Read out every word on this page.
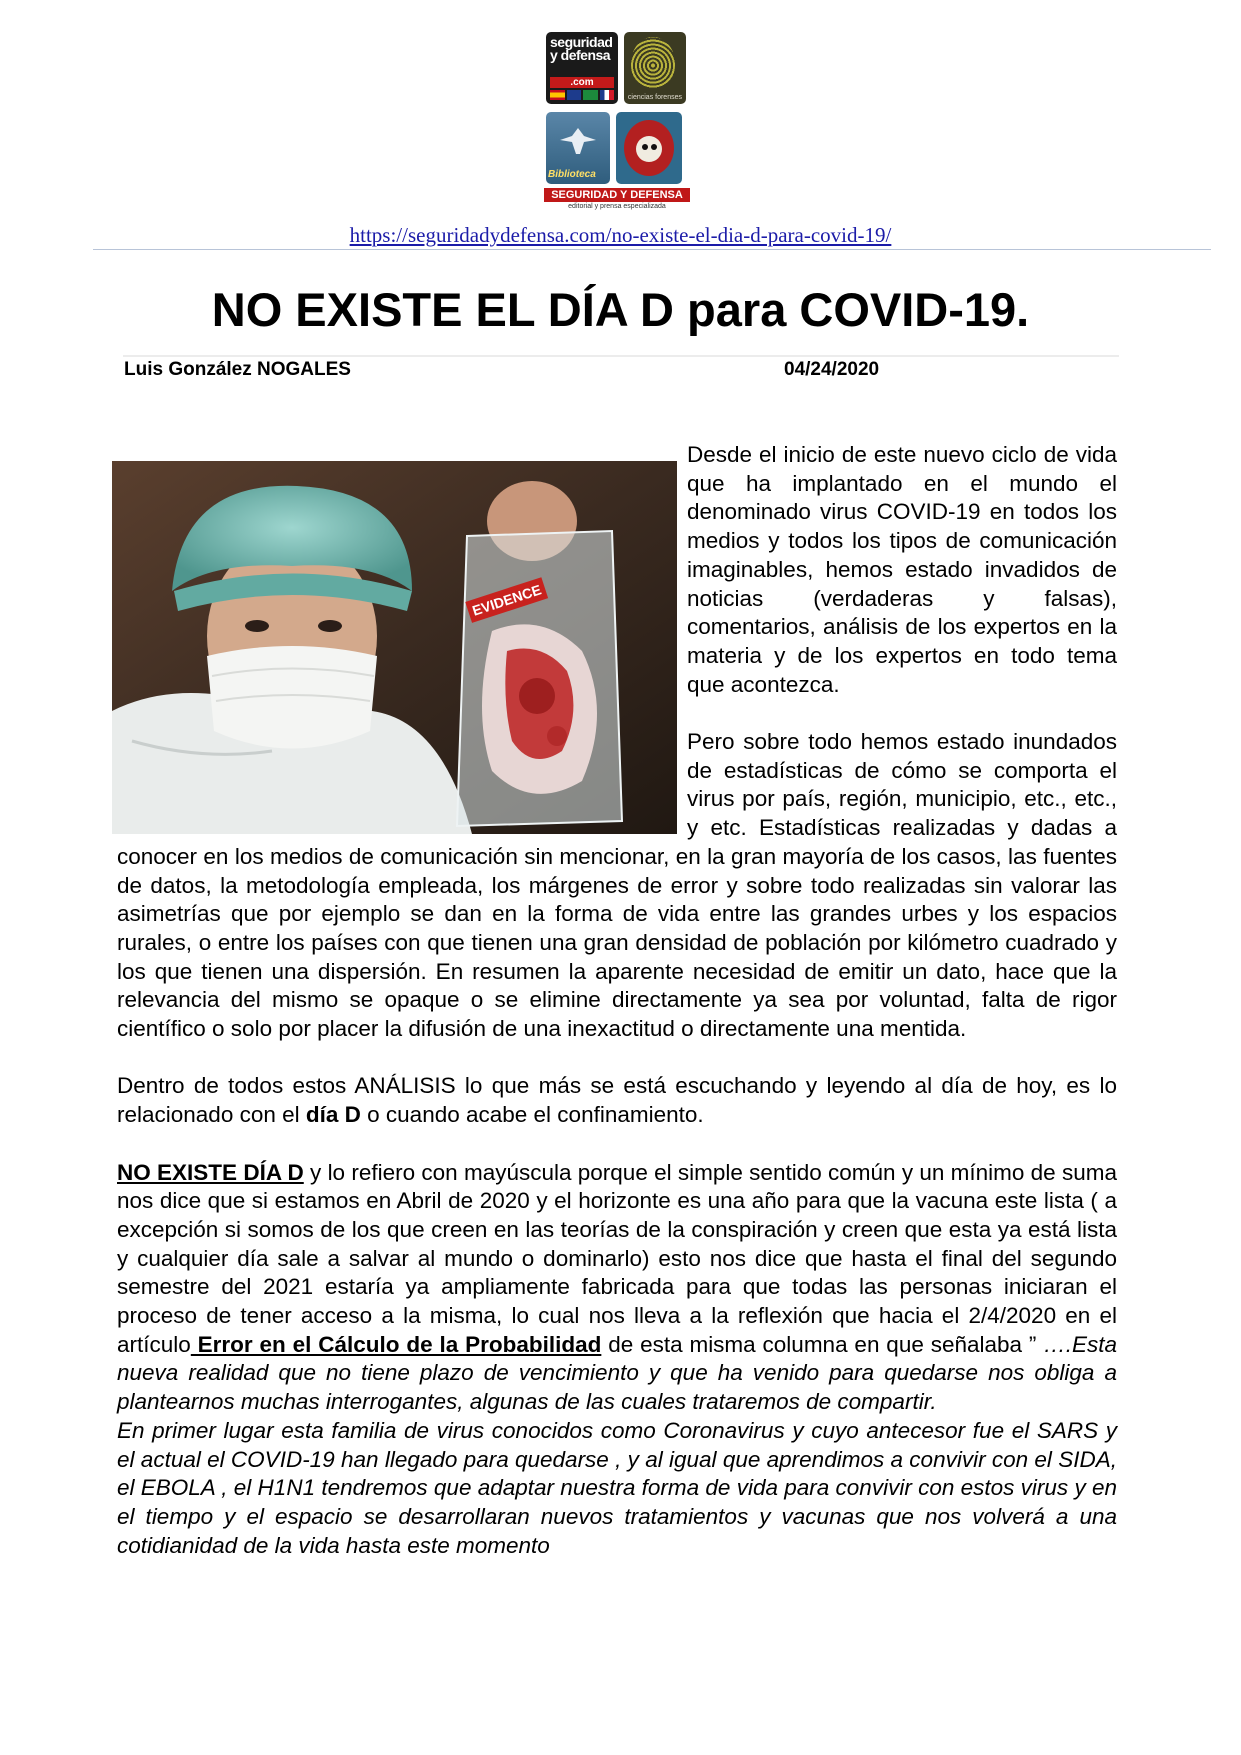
seguridad
y defensa
.com
ciencias forenses
Biblioteca
SEGURIDAD Y DEFENSA
editorial y prensa especializada
https://seguridadydefensa.com/no-existe-el-dia-d-para-covid-19/
NO EXISTE EL DÍA D para COVID-19.
Luis González NOGALES	04/24/2020
EVIDENCE

Desde el inicio de este nuevo ciclo de vida que ha implantado en el mundo el denominado virus COVID-19 en todos los medios y todos los tipos de comunicación imaginables, hemos estado invadidos de noticias (verdaderas y falsas), comentarios, análisis de los expertos en la materia y de los expertos en todo tema que acontezca.

Pero sobre todo hemos estado inundados de estadísticas de cómo se comporta el virus por país, región, municipio, etc., etc., y etc. Estadísticas realizadas y dadas a conocer en los medios de comunicación sin mencionar, en la gran mayoría de los casos, las fuentes de datos, la metodología empleada, los márgenes de error y sobre todo realizadas sin valorar las asimetrías que por ejemplo se dan en la forma de vida entre las grandes urbes y los espacios rurales, o entre los países con que tienen una gran densidad de población por kilómetro cuadrado y los que tienen una dispersión. En resumen la aparente necesidad de emitir un dato, hace que la relevancia del mismo se opaque o se elimine directamente ya sea por voluntad, falta de rigor científico o solo por placer la difusión de una inexactitud o directamente una mentida.

Dentro de todos estos ANÁLISIS lo que más se está escuchando y leyendo al día de hoy, es lo relacionado con el día D o cuando acabe el confinamiento.

NO EXISTE DÍA D y lo refiero con mayúscula porque el simple sentido común y un mínimo de suma nos dice que si estamos en Abril de 2020 y el horizonte es una año para que la vacuna este lista ( a excepción si somos de los que creen en las teorías de la conspiración y creen que esta ya está lista y cualquier día sale a salvar al mundo o dominarlo) esto nos dice que hasta el final del segundo semestre del 2021 estaría ya ampliamente fabricada para que todas las personas iniciaran el proceso de tener acceso a la misma, lo cual nos lleva a la reflexión que hacia el 2/4/2020 en el artículo Error en el Cálculo de la Probabilidad de esta misma columna en que señalaba ” ….Esta nueva realidad que no tiene plazo de vencimiento y que ha venido para quedarse nos obliga a plantearnos muchas interrogantes, algunas de las cuales trataremos de compartir.
En primer lugar esta familia de virus conocidos como Coronavirus y cuyo antecesor fue el SARS y el actual el COVID-19 han llegado para quedarse , y al igual que aprendimos a convivir con el SIDA, el EBOLA , el H1N1 tendremos que adaptar nuestra forma de vida para convivir con estos virus y en el tiempo y el espacio se desarrollaran nuevos tratamientos y vacunas que nos volverá a una cotidianidad de la vida hasta este momento
